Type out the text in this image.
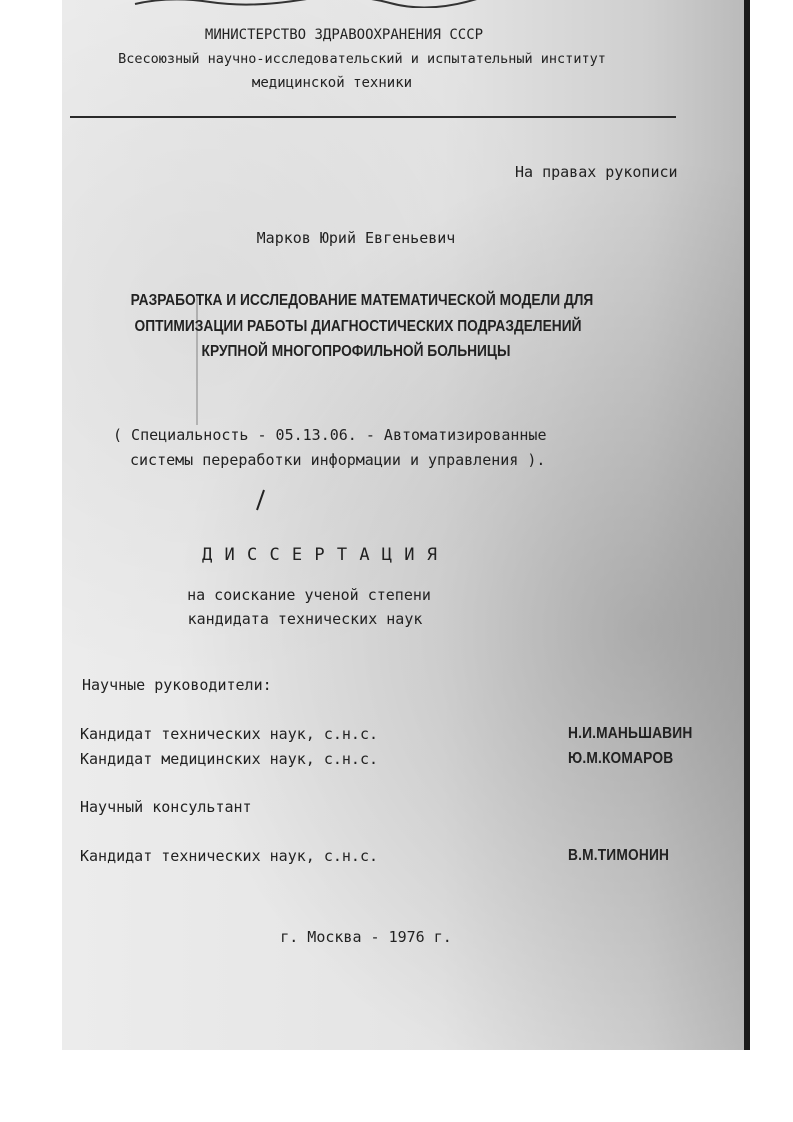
МИНИСТЕРСТВО ЗДРАВООХРАНЕНИЯ СССР
Всесоюзный научно-исследовательский и испытательный институт
медицинской техники
На правах рукописи
Марков Юрий Евгеньевич
РАЗРАБОТКА И ИССЛЕДОВАНИЕ МАТЕМАТИЧЕСКОЙ МОДЕЛИ ДЛЯ
ОПТИМИЗАЦИИ РАБОТЫ ДИАГНОСТИЧЕСКИХ ПОДРАЗДЕЛЕНИЙ
КРУПНОЙ МНОГОПРОФИЛЬНОЙ БОЛЬНИЦЫ
( Специальность - 05.13.06. - Автоматизированные
системы переработки информации и управления ).
Д И С С Е Р Т А Ц И Я
на соискание ученой степени
кандидата технических наук
Научные руководители:
Кандидат технических наук, с.н.с.	Н.И.МАНЬШАВИН
Кандидат медицинских наук, с.н.с.	Ю.М.КОМАРОВ
Научный консультант
Кандидат технических наук, с.н.с.	В.М.ТИМОНИН
г. Москва - 1976 г.
